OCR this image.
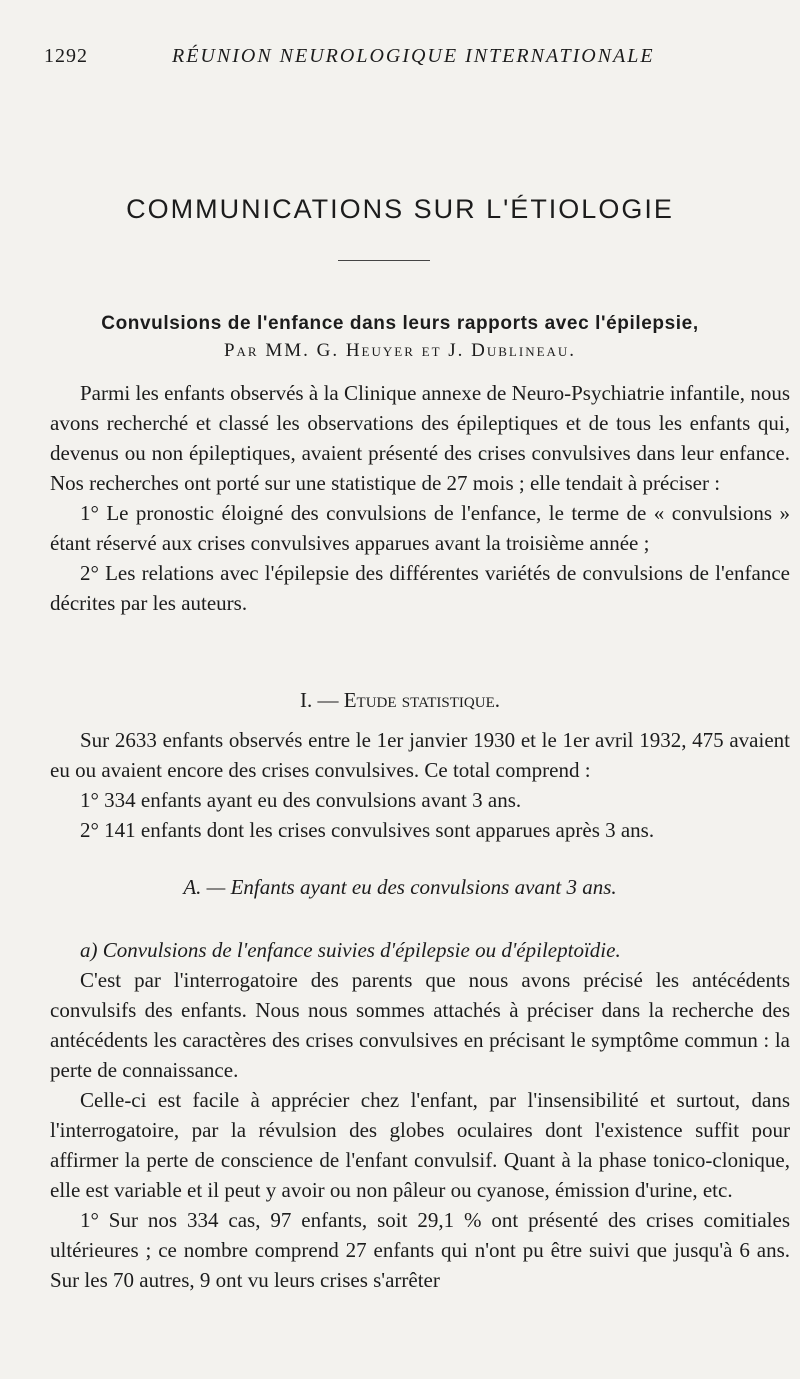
1292	RÉUNION NEUROLOGIQUE INTERNATIONALE
COMMUNICATIONS SUR L'ÉTIOLOGIE
Convulsions de l'enfance dans leurs rapports avec l'épilepsie,
Par MM. G. Heuyer et J. Dublineau.

Parmi les enfants observés à la Clinique annexe de Neuro-Psychiatrie infantile, nous avons recherché et classé les observations des épileptiques et de tous les enfants qui, devenus ou non épileptiques, avaient présenté des crises convulsives dans leur enfance. Nos recherches ont porté sur une statistique de 27 mois ; elle tendait à préciser :

1° Le pronostic éloigné des convulsions de l'enfance, le terme de « convulsions » étant réservé aux crises convulsives apparues avant la troisième année ;

2° Les relations avec l'épilepsie des différentes variétés de convulsions de l'enfance décrites par les auteurs.

I. — Etude statistique.

Sur 2633 enfants observés entre le 1er janvier 1930 et le 1er avril 1932, 475 avaient eu ou avaient encore des crises convulsives. Ce total comprend :

1° 334 enfants ayant eu des convulsions avant 3 ans.

2° 141 enfants dont les crises convulsives sont apparues après 3 ans.

A. — Enfants ayant eu des convulsions avant 3 ans.

a) Convulsions de l'enfance suivies d'épilepsie ou d'épileptoïdie.

C'est par l'interrogatoire des parents que nous avons précisé les antécédents convulsifs des enfants. Nous nous sommes attachés à préciser dans la recherche des antécédents les caractères des crises convulsives en précisant le symptôme commun : la perte de connaissance.

Celle-ci est facile à apprécier chez l'enfant, par l'insensibilité et surtout, dans l'interrogatoire, par la révulsion des globes oculaires dont l'existence suffit pour affirmer la perte de conscience de l'enfant convulsif. Quant à la phase tonico-clonique, elle est variable et il peut y avoir ou non pâleur ou cyanose, émission d'urine, etc.

1° Sur nos 334 cas, 97 enfants, soit 29,1 % ont présenté des crises comitiales ultérieures ; ce nombre comprend 27 enfants qui n'ont pu être suivi que jusqu'à 6 ans. Sur les 70 autres, 9 ont vu leurs crises s'arrêter
